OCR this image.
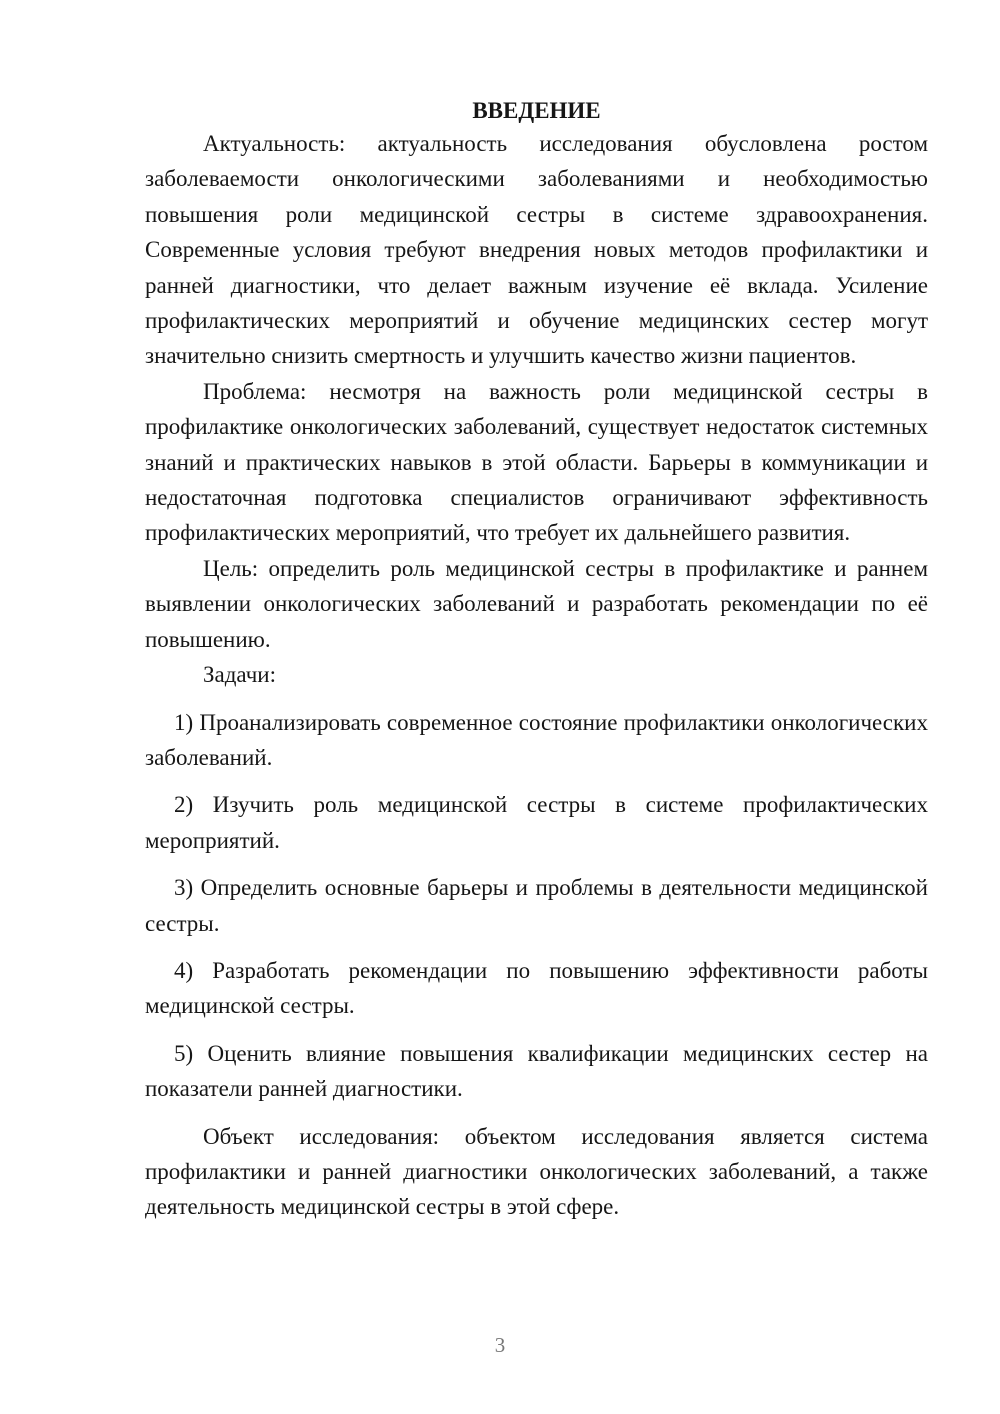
ВВЕДЕНИЕ

Актуальность: актуальность исследования обусловлена ростом заболеваемости онкологическими заболеваниями и необходимостью повышения роли медицинской сестры в системе здравоохранения. Современные условия требуют внедрения новых методов профилактики и ранней диагностики, что делает важным изучение её вклада. Усиление профилактических мероприятий и обучение медицинских сестер могут значительно снизить смертность и улучшить качество жизни пациентов.

Проблема: несмотря на важность роли медицинской сестры в профилактике онкологических заболеваний, существует недостаток системных знаний и практических навыков в этой области. Барьеры в коммуникации и недостаточная подготовка специалистов ограничивают эффективность профилактических мероприятий, что требует их дальнейшего развития.

Цель: определить роль медицинской сестры в профилактике и раннем выявлении онкологических заболеваний и разработать рекомендации по её повышению.

Задачи:

1) Проанализировать современное состояние профилактики онкологических заболеваний.

2) Изучить роль медицинской сестры в системе профилактических мероприятий.

3) Определить основные барьеры и проблемы в деятельности медицинской сестры.

4) Разработать рекомендации по повышению эффективности работы медицинской сестры.

5) Оценить влияние повышения квалификации медицинских сестер на показатели ранней диагностики.

Объект исследования: объектом исследования является система профилактики и ранней диагностики онкологических заболеваний, а также деятельность медицинской сестры в этой сфере.

3
